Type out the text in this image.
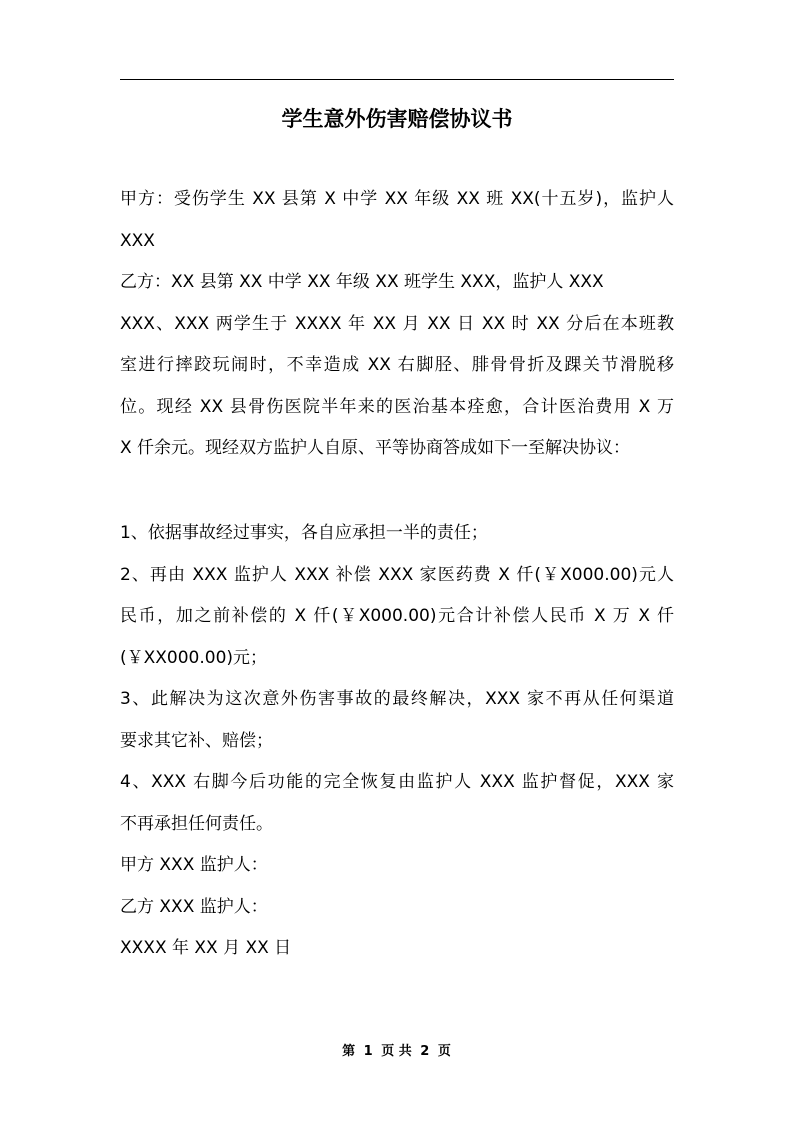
学生意外伤害赔偿协议书
甲方：受伤学生 XX 县第 X 中学 XX 年级 XX 班 XX(十五岁)，监护人
XXX
乙方：XX 县第 XX 中学 XX 年级 XX 班学生 XXX，监护人 XXX
XXX、XXX 两学生于 XXXX 年 XX 月 XX 日 XX 时 XX 分后在本班教
室进行摔跤玩闹时，不幸造成 XX 右脚胫、腓骨骨折及踝关节滑脱移
位。现经 XX 县骨伤医院半年来的医治基本痊愈，合计医治费用 X 万
X 仟余元。现经双方监护人自原、平等协商答成如下一至解决协议：
1、依据事故经过事实，各自应承担一半的责任；
2、再由 XXX 监护人 XXX 补偿 XXX 家医药费 X 仟(￥X000.00)元人
民币，加之前补偿的 X 仟(￥X000.00)元合计补偿人民币 X 万 X 仟
(￥XX000.00)元；
3、此解决为这次意外伤害事故的最终解决，XXX 家不再从任何渠道
要求其它补、赔偿；
4、XXX 右脚今后功能的完全恢复由监护人 XXX 监护督促，XXX 家
不再承担任何责任。
甲方 XXX 监护人：
乙方 XXX 监护人：
XXXX 年 XX 月 XX 日
第 1 页 共 2 页
